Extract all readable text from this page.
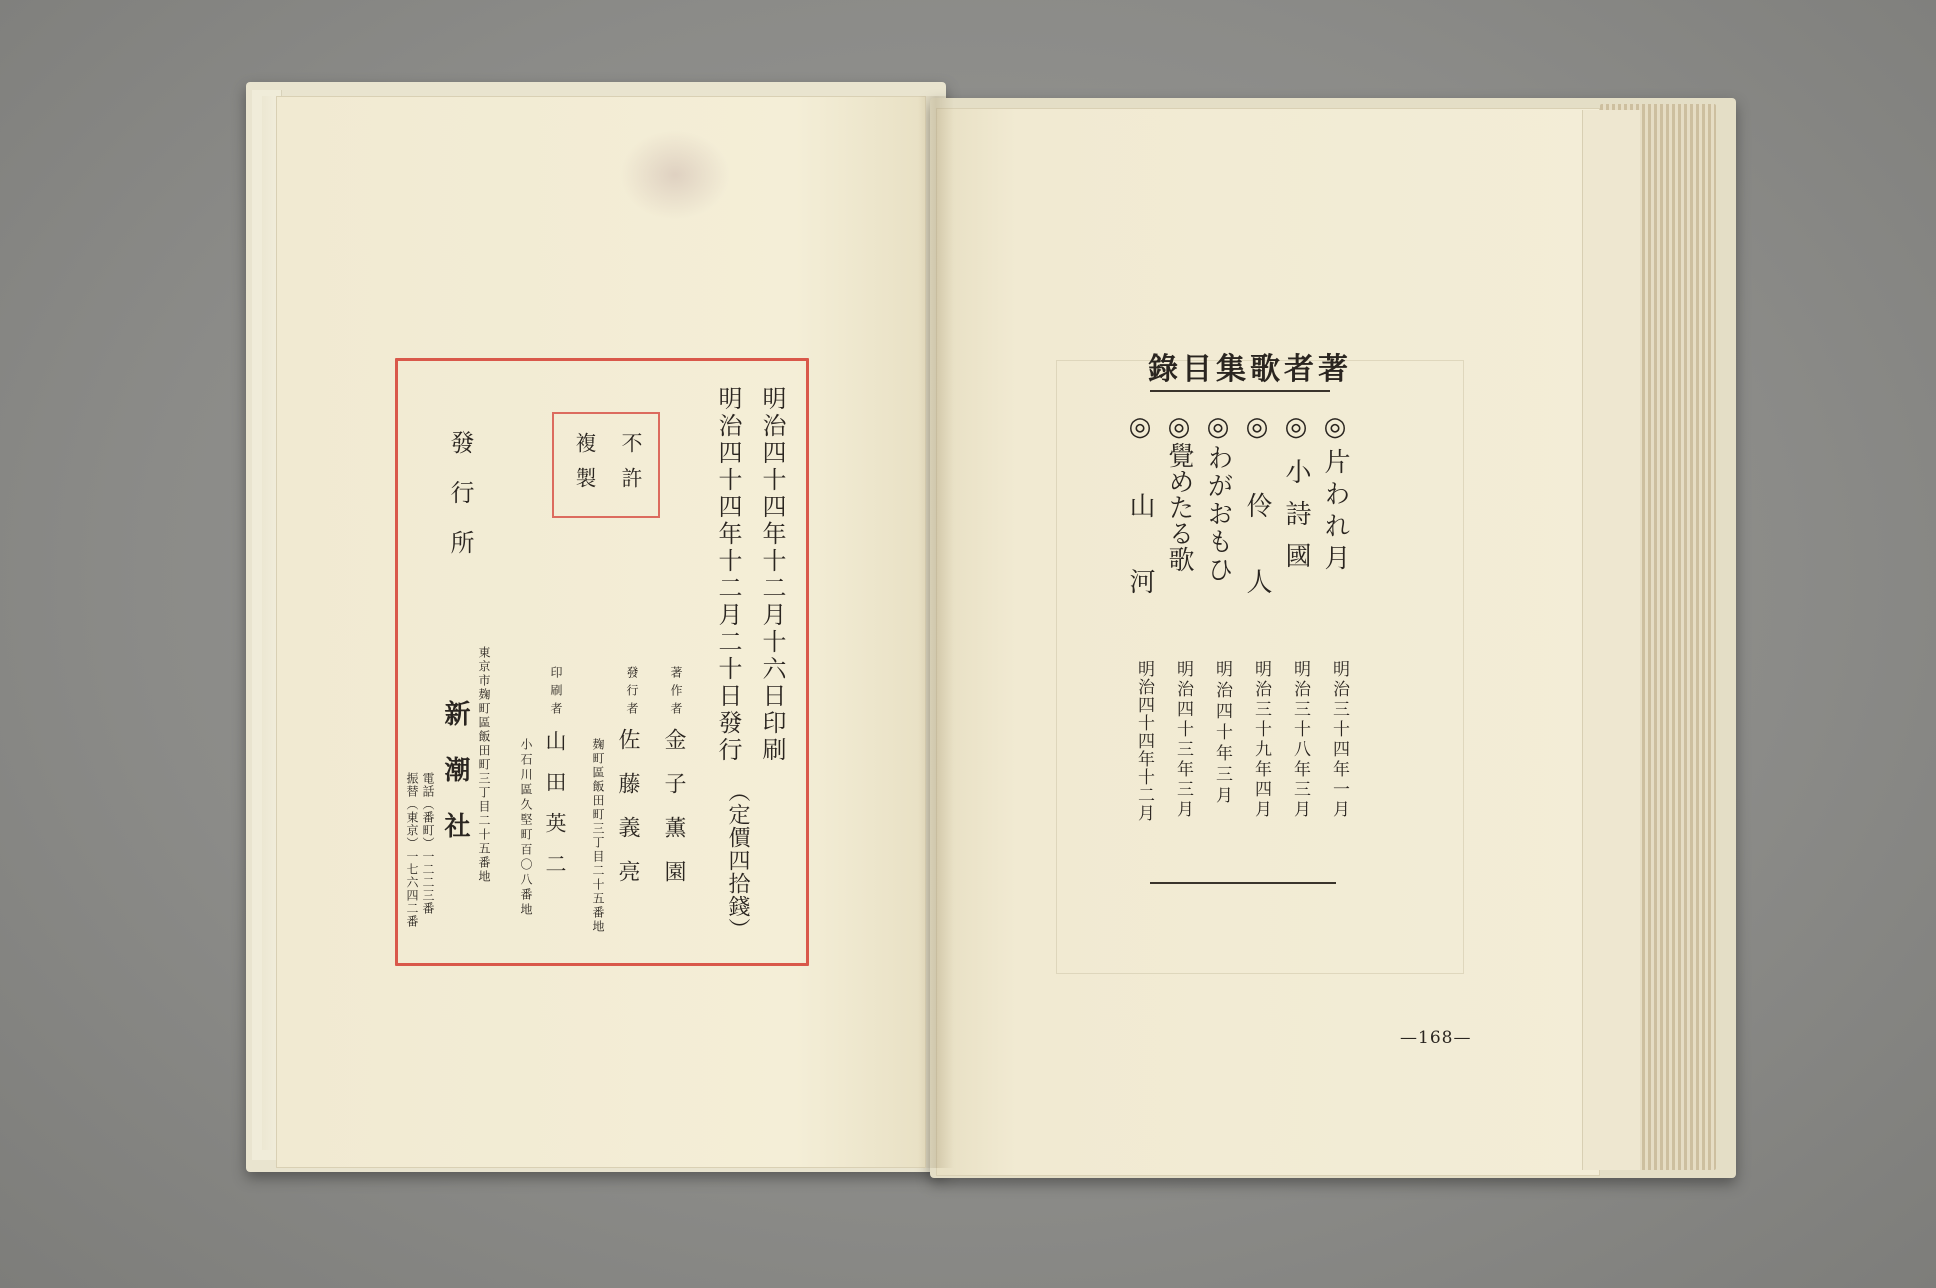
明治四十四年十二月十六日印刷
明治四十四年十二月二十日發行
（定價四拾錢）
不許
複製
著作者
金子薫園
發行者
佐藤義亮
麹町區飯田町三丁目二十五番地
印刷者
山田英二
小石川區久堅町百〇八番地
發行所
東京市麹町區飯田町三丁目二十五番地
新潮社
電話（番町）一二二三番
振替（東京）一七六四二番
著者歌集目錄
◎片われ月
明治三十四年一月
◎小詩國
明治三十八年三月
◎伶人
明治三十九年四月
◎わがおもひ
明治四十年三月
◎覺めたる歌
明治四十三年三月
◎山河
明治四十四年十二月
—168—
